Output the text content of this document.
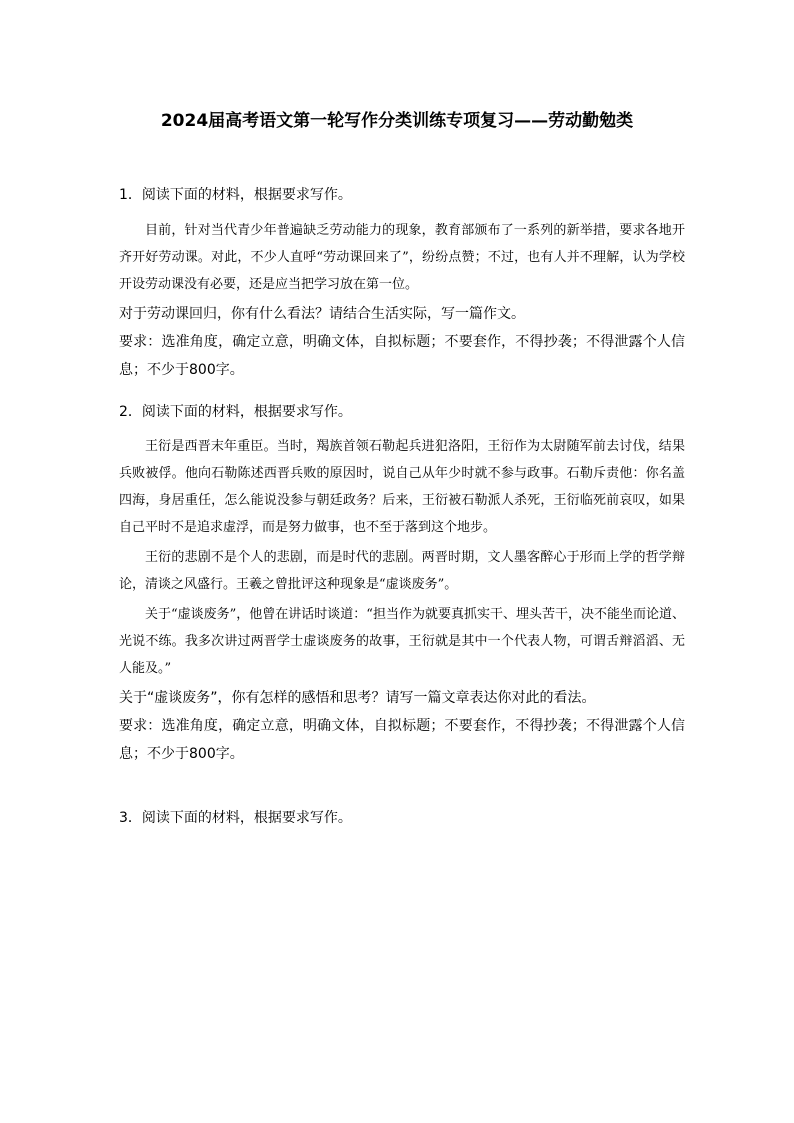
2024届高考语文第一轮写作分类训练专项复习——劳动勤勉类
1．阅读下面的材料，根据要求写作。

目前，针对当代青少年普遍缺乏劳动能力的现象，教育部颁布了一系列的新举措，要求各地开齐开好劳动课。对此，不少人直呼“劳动课回来了”，纷纷点赞；不过，也有人并不理解，认为学校开设劳动课没有必要，还是应当把学习放在第一位。

对于劳动课回归，你有什么看法？请结合生活实际，写一篇作文。

要求：选准角度，确定立意，明确文体，自拟标题；不要套作，不得抄袭；不得泄露个人信息；不少于800字。

2．阅读下面的材料，根据要求写作。

王衍是西晋末年重臣。当时，羯族首领石勒起兵进犯洛阳，王衍作为太尉随军前去讨伐，结果兵败被俘。他向石勒陈述西晋兵败的原因时，说自己从年少时就不参与政事。石勒斥责他：你名盖四海，身居重任，怎么能说没参与朝廷政务？后来，王衍被石勒派人杀死，王衍临死前哀叹，如果自己平时不是追求虚浮，而是努力做事，也不至于落到这个地步。

王衍的悲剧不是个人的悲剧，而是时代的悲剧。两晋时期，文人墨客醉心于形而上学的哲学辩论，清谈之风盛行。王羲之曾批评这种现象是“虚谈废务”。

关于“虚谈废务”，他曾在讲话时谈道：“担当作为就要真抓实干、埋头苦干，决不能坐而论道、光说不练。我多次讲过两晋学士虚谈废务的故事，王衍就是其中一个代表人物，可谓舌辩滔滔、无人能及。”

关于“虚谈废务”，你有怎样的感悟和思考？请写一篇文章表达你对此的看法。

要求：选准角度，确定立意，明确文体，自拟标题；不要套作，不得抄袭；不得泄露个人信息；不少于800字。

3．阅读下面的材料，根据要求写作。
